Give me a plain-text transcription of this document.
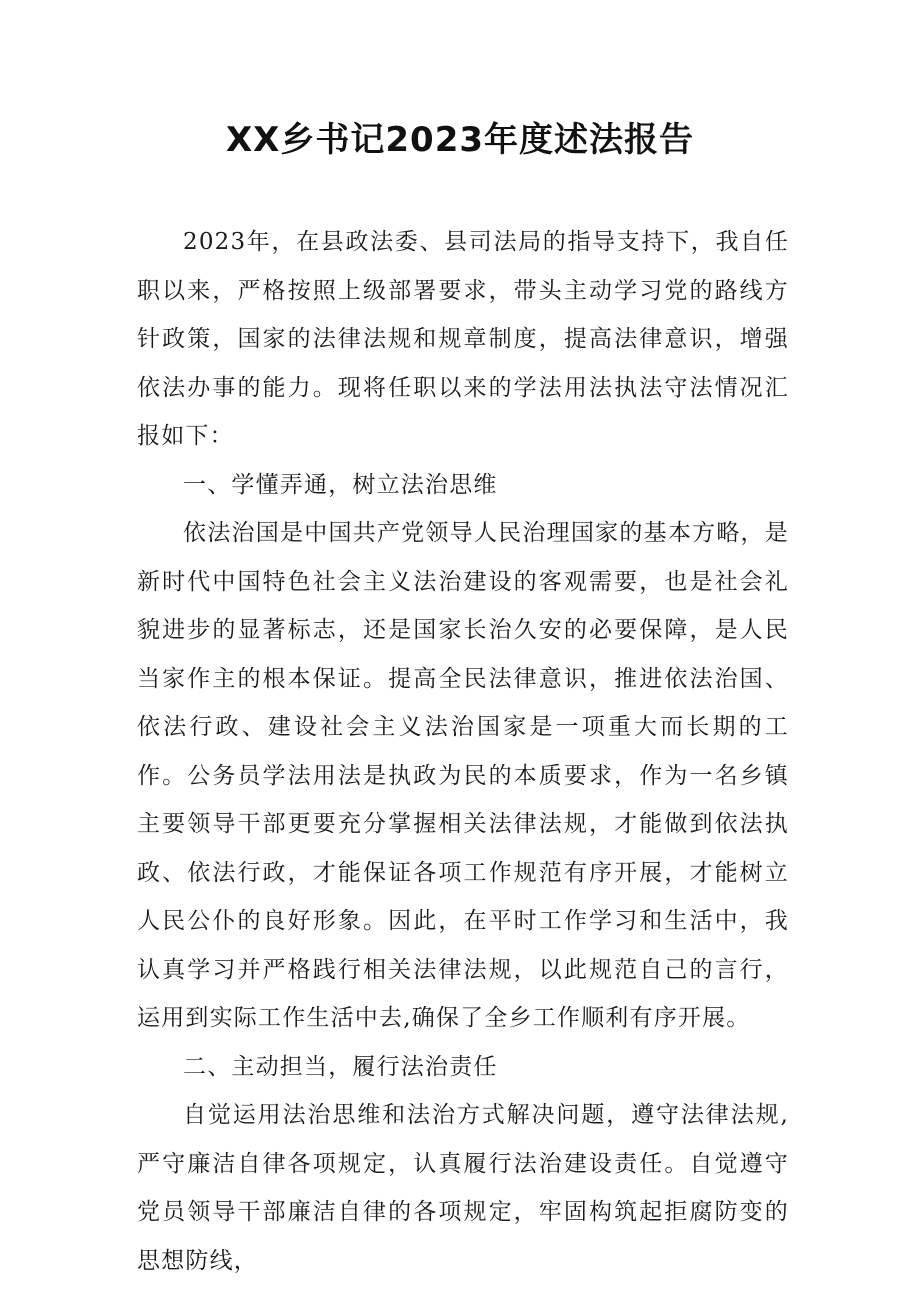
XX乡书记2023年度述法报告

2023年，在县政法委、县司法局的指导支持下，我自任职以来，严格按照上级部署要求，带头主动学习党的路线方针政策，国家的法律法规和规章制度，提高法律意识，增强依法办事的能力。现将任职以来的学法用法执法守法情况汇报如下：

一、学懂弄通，树立法治思维

依法治国是中国共产党领导人民治理国家的基本方略，是新时代中国特色社会主义法治建设的客观需要，也是社会礼貌进步的显著标志，还是国家长治久安的必要保障，是人民当家作主的根本保证。提高全民法律意识，推进依法治国、依法行政、建设社会主义法治国家是一项重大而长期的工作。公务员学法用法是执政为民的本质要求，作为一名乡镇主要领导干部更要充分掌握相关法律法规，才能做到依法执政、依法行政，才能保证各项工作规范有序开展，才能树立人民公仆的良好形象。因此，在平时工作学习和生活中，我认真学习并严格践行相关法律法规，以此规范自己的言行，运用到实际工作生活中去,确保了全乡工作顺利有序开展。

二、主动担当，履行法治责任

自觉运用法治思维和法治方式解决问题，遵守法律法规,严守廉洁自律各项规定，认真履行法治建设责任。自觉遵守党员领导干部廉洁自律的各项规定，牢固构筑起拒腐防变的思想防线，
